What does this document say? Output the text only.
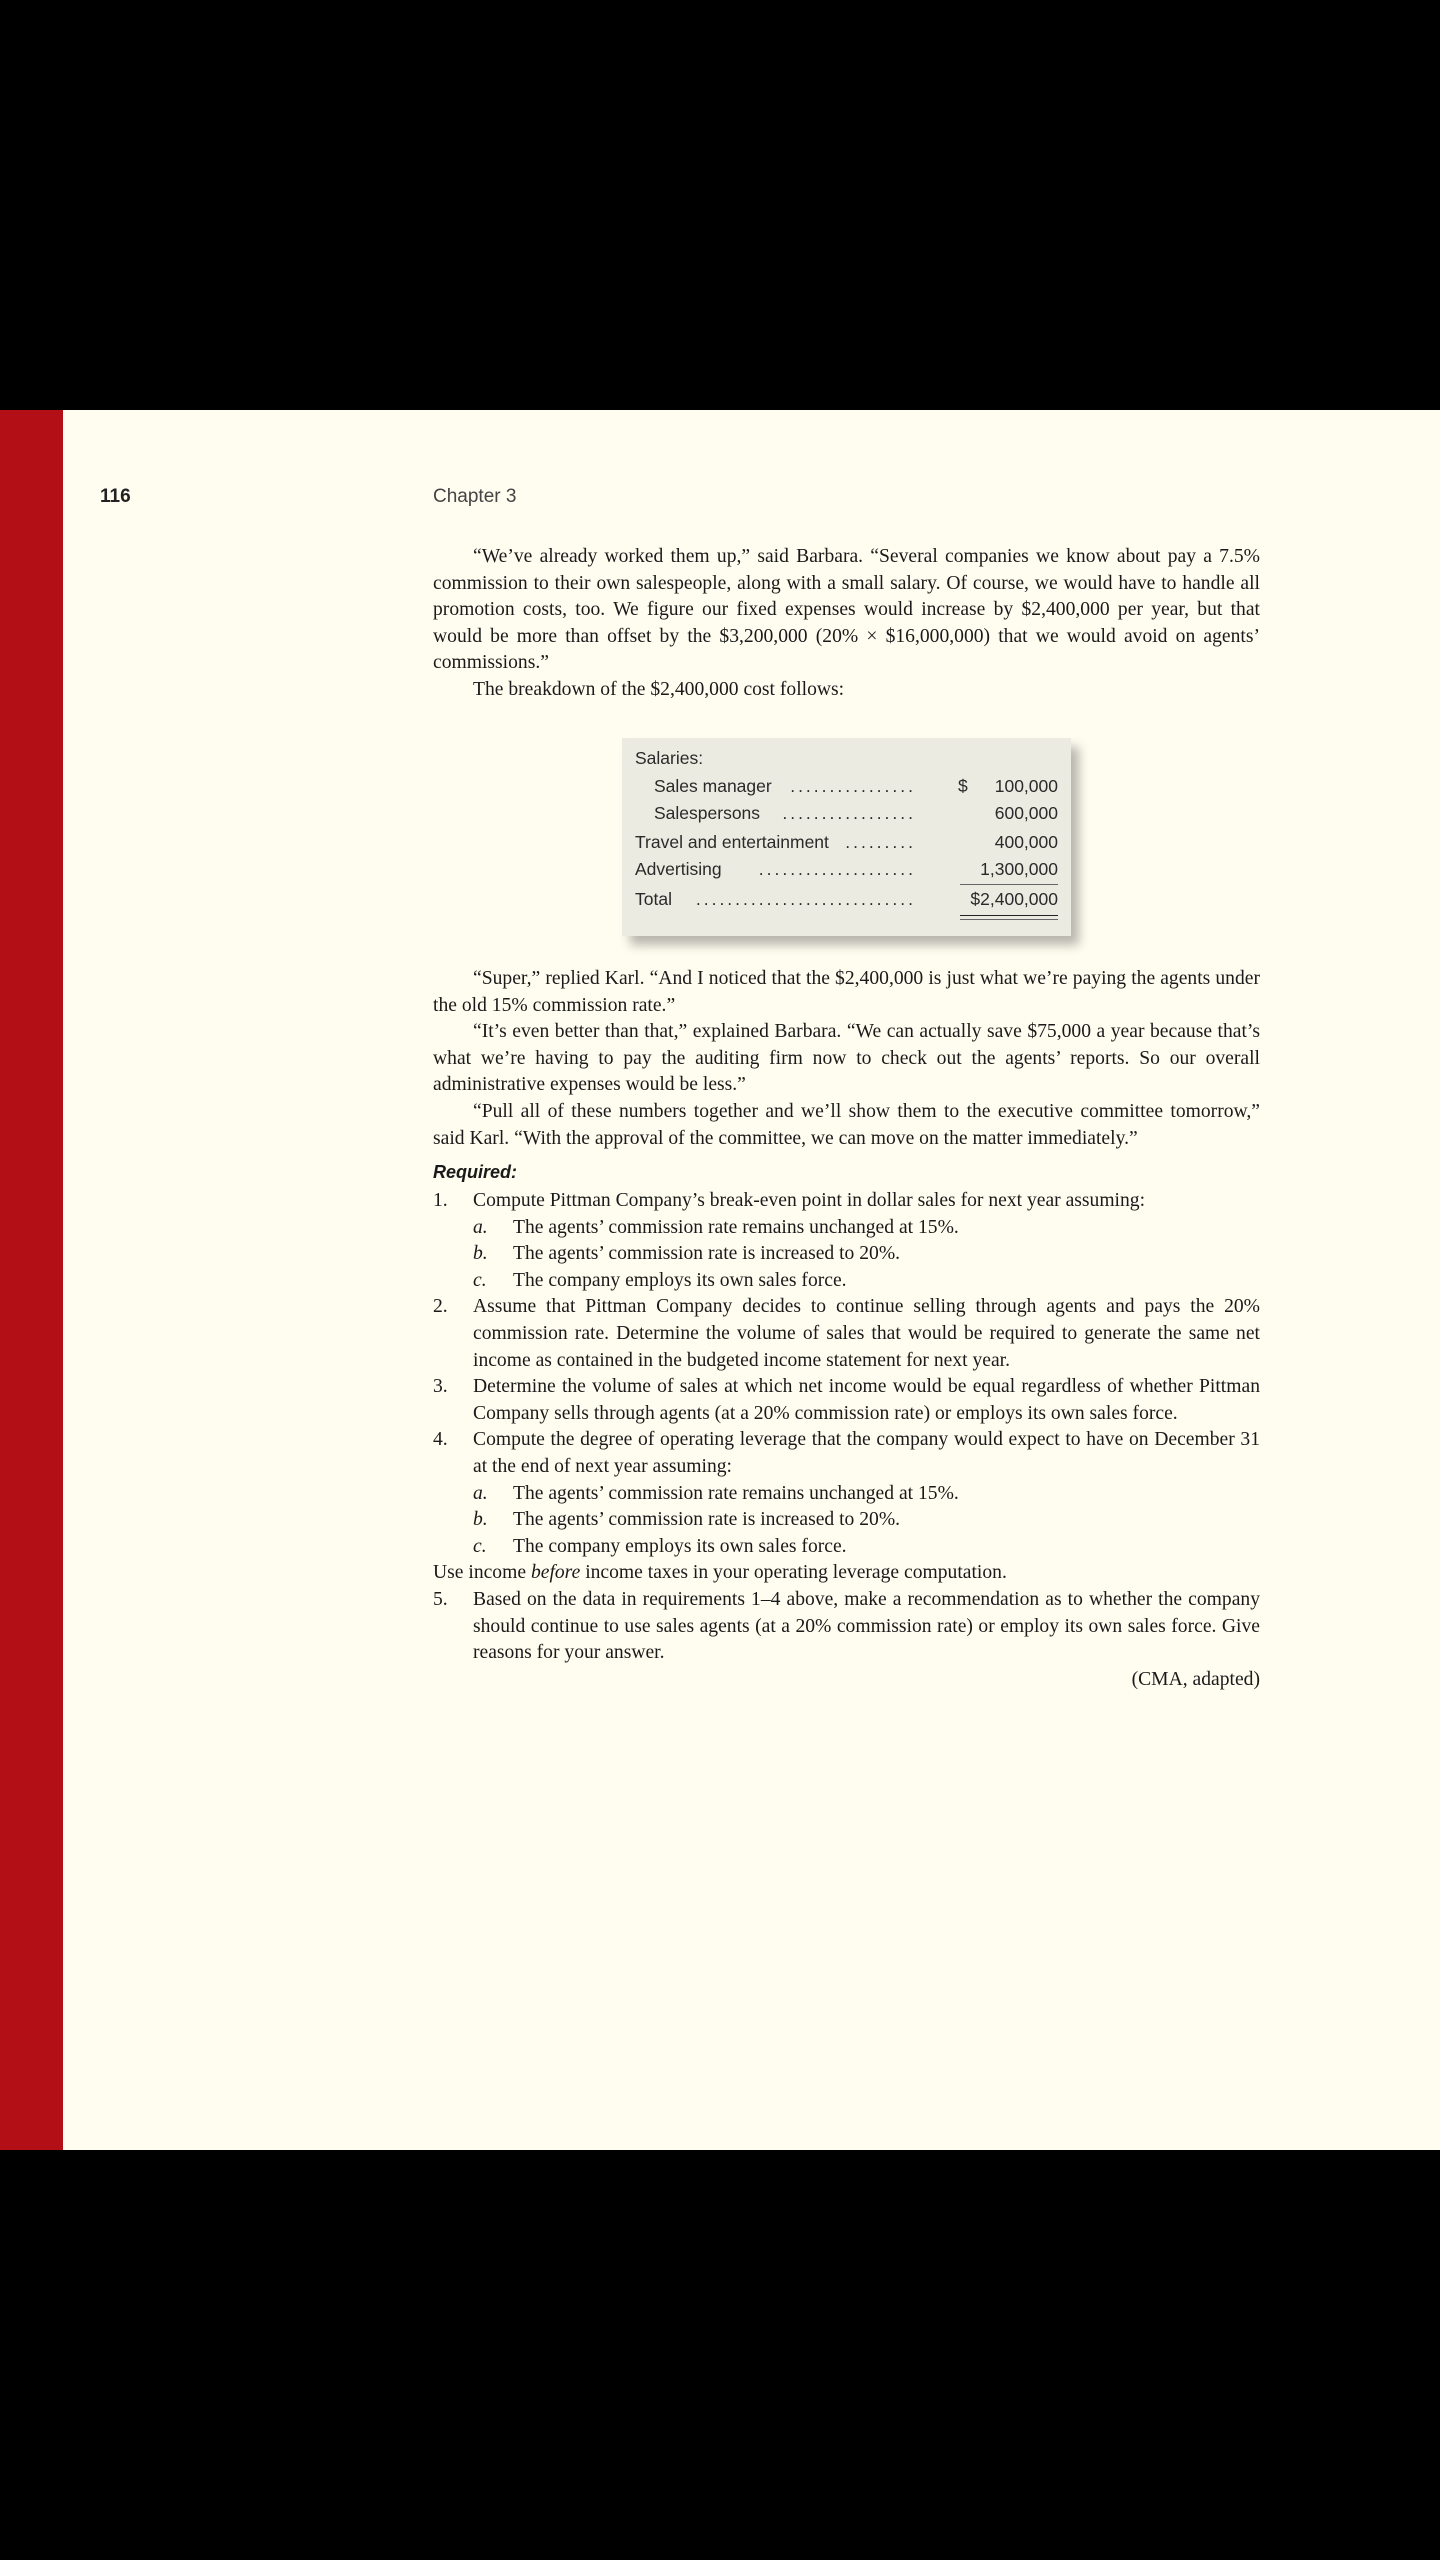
116	Chapter 3

“We’ve already worked them up,” said Barbara. “Several companies we know about pay a 7.5% commission to their own salespeople, along with a small salary. Of course, we would have to handle all promotion costs, too. We figure our fixed expenses would increase by $2,400,000 per year, but that would be more than offset by the $3,200,000 (20% × $16,000,000) that we would avoid on agents’ commissions.”

The breakdown of the $2,400,000 cost follows:

Salaries:
Sales manager ................ $ 100,000
Salespersons .................	600,000
Travel and entertainment .........	400,000
Advertising ....................	1,300,000
Total ............................	$2,400,000

“Super,” replied Karl. “And I noticed that the $2,400,000 is just what we’re paying the agents under the old 15% commission rate.”

“It’s even better than that,” explained Barbara. “We can actually save $75,000 a year because that’s what we’re having to pay the auditing firm now to check out the agents’ reports. So our overall administrative expenses would be less.”

“Pull all of these numbers together and we’ll show them to the executive committee tomorrow,” said Karl. “With the approval of the committee, we can move on the matter immediately.”

Required:

1. Compute Pittman Company’s break-even point in dollar sales for next year assuming:

a. The agents’ commission rate remains unchanged at 15%.

b. The agents’ commission rate is increased to 20%.

c. The company employs its own sales force.

2. Assume that Pittman Company decides to continue selling through agents and pays the 20% commission rate. Determine the volume of sales that would be required to generate the same net income as contained in the budgeted income statement for next year.

3. Determine the volume of sales at which net income would be equal regardless of whether Pittman Company sells through agents (at a 20% commission rate) or employs its own sales force.

4. Compute the degree of operating leverage that the company would expect to have on December 31 at the end of next year assuming:

a. The agents’ commission rate remains unchanged at 15%.

b. The agents’ commission rate is increased to 20%.

c. The company employs its own sales force.

Use income before income taxes in your operating leverage computation.

5. Based on the data in requirements 1–4 above, make a recommendation as to whether the company should continue to use sales agents (at a 20% commission rate) or employ its own sales force. Give reasons for your answer.

(CMA, adapted)
